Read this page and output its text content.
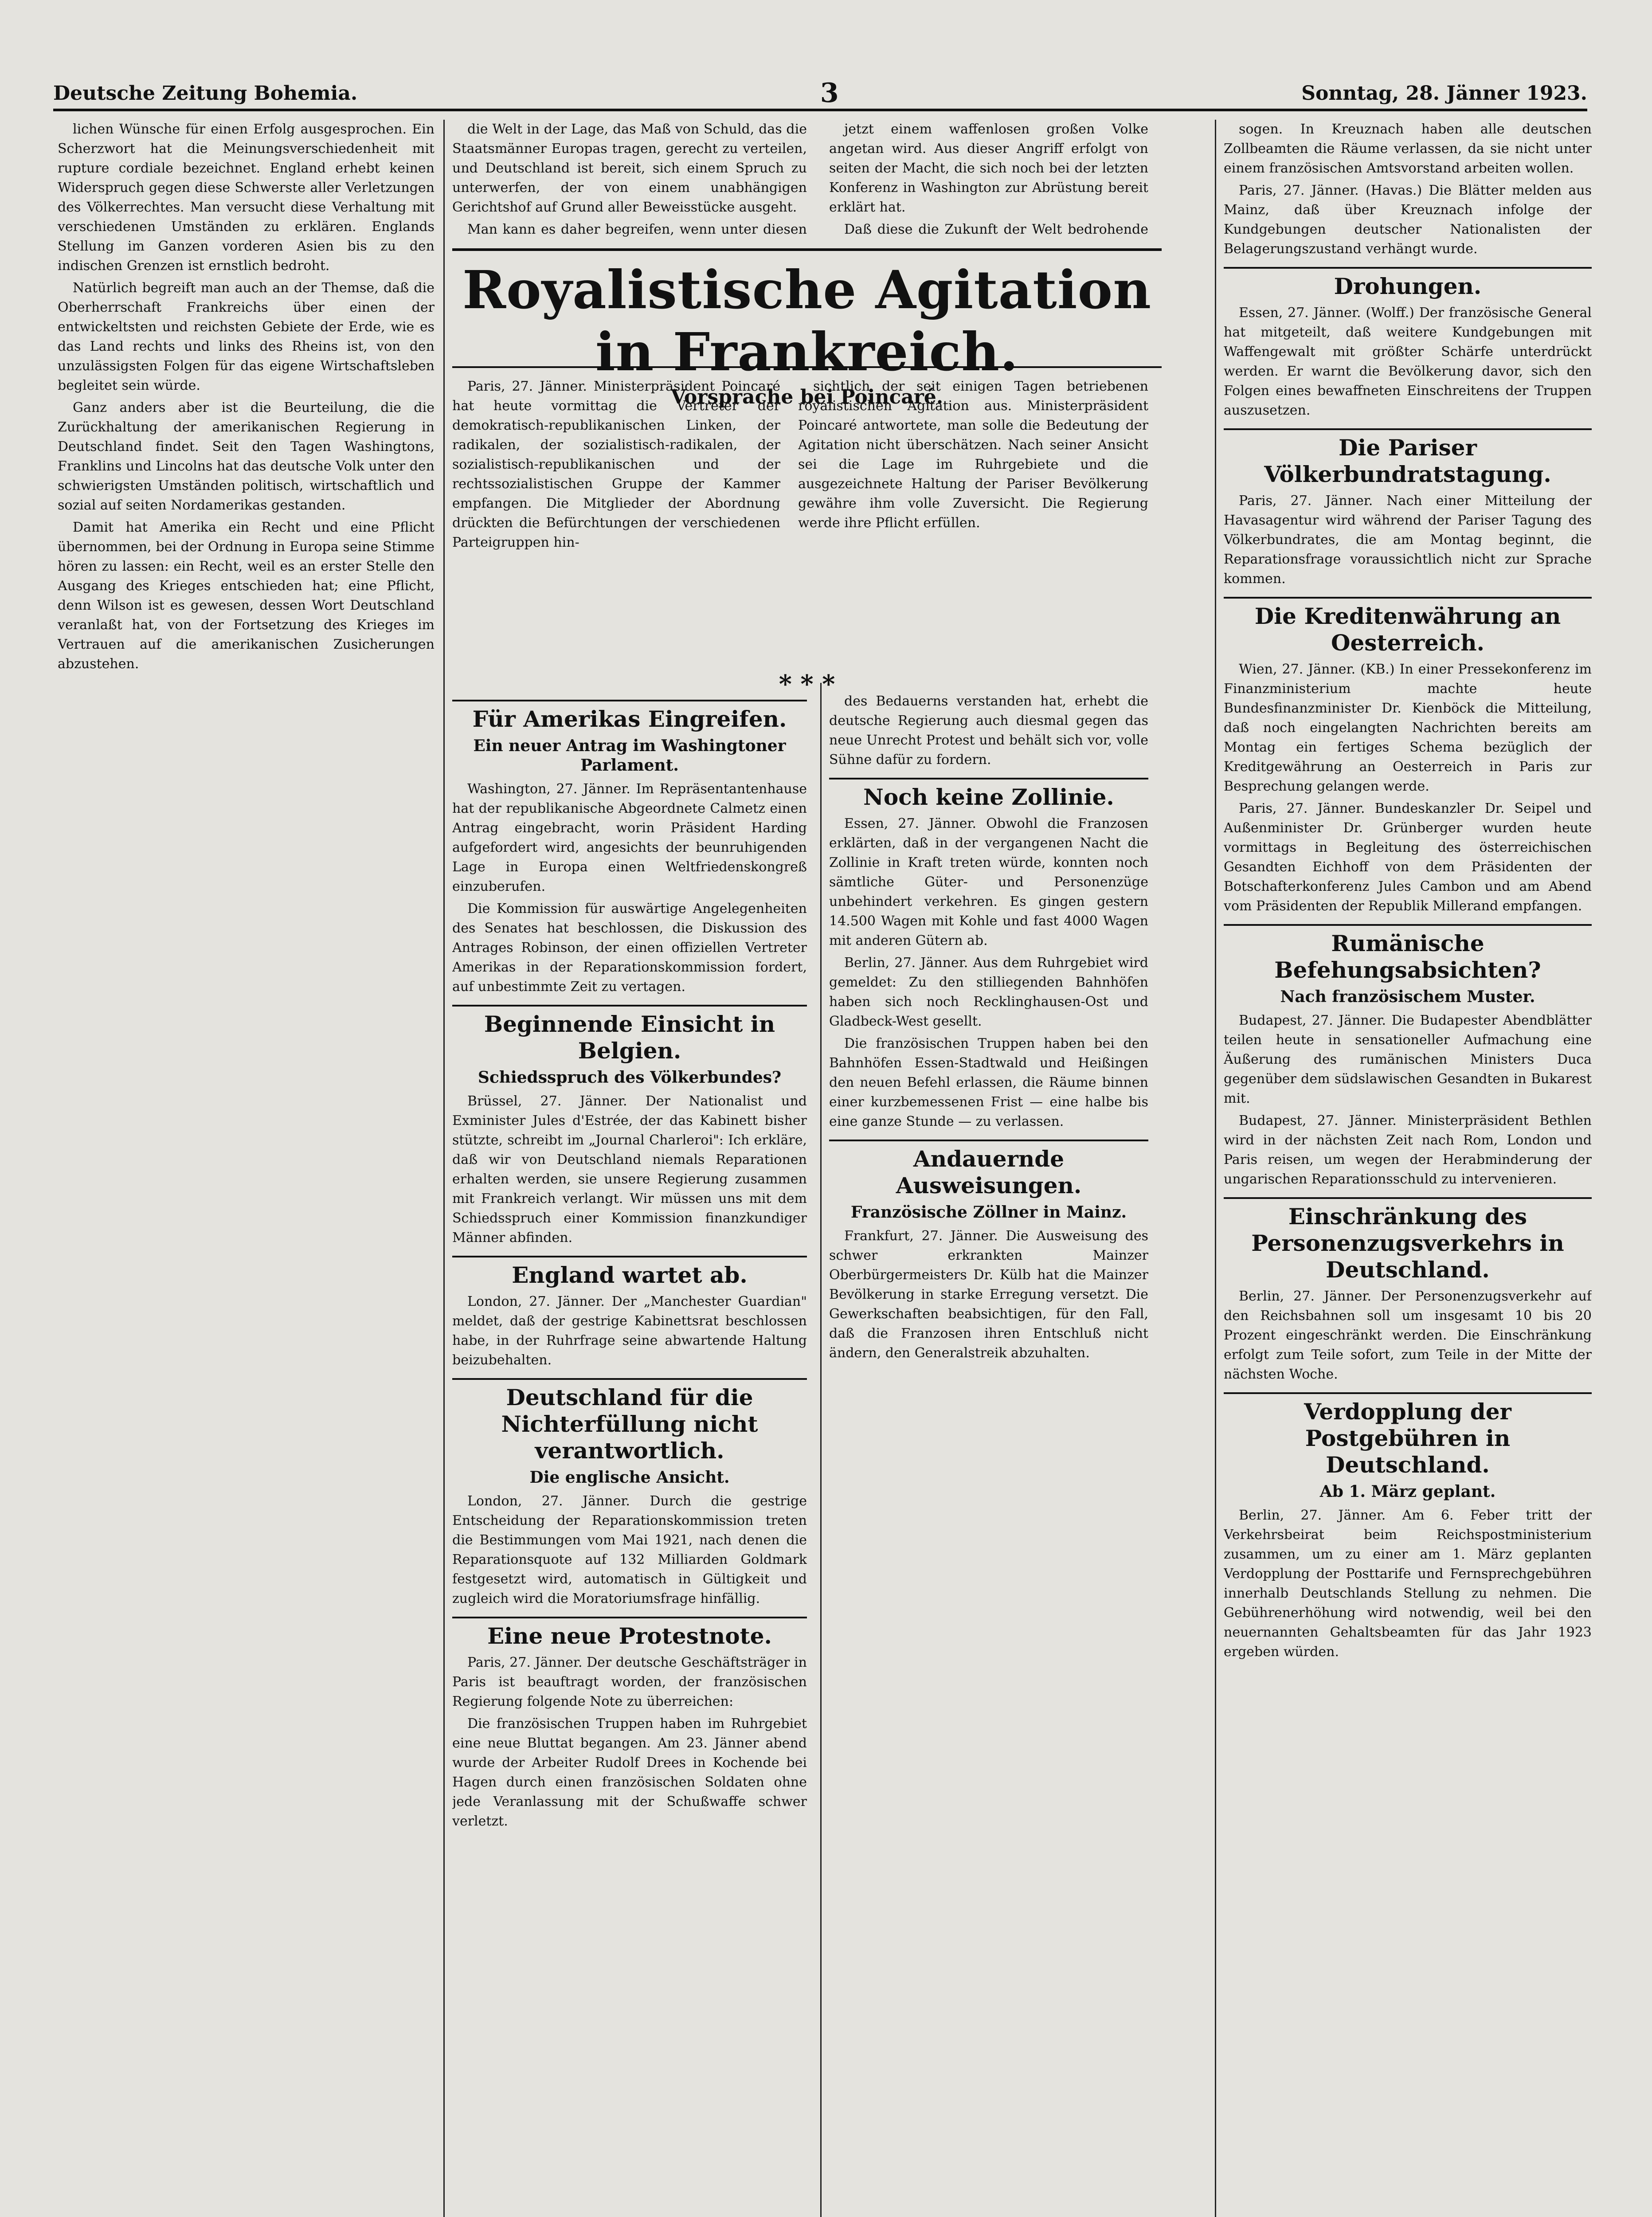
Deutsche Zeitung Bohemia.	3	Sonntag, 28. Jänner 1923.

lichen Wünsche für einen Erfolg ausgesprochen. Ein Scherzwort hat die Meinungsverschiedenheit mit rupture cordiale bezeichnet. England erhebt keinen Widerspruch gegen diese Schwerste aller Verletzungen des Völkerrechtes. Man versucht diese Verhaltung mit verschiedenen Umständen zu erklären. Englands Stellung im Ganzen vorderen Asien bis zu den indischen Grenzen ist ernstlich bedroht.

Natürlich begreift man auch an der Themse, daß die Oberherrschaft Frankreichs über einen der entwickeltsten und reichsten Gebiete der Erde, wie es das Land rechts und links des Rheins ist, von den unzulässigsten Folgen für das eigene Wirtschaftsleben begleitet sein würde.

Ganz anders aber ist die Beurteilung, die die Zurückhaltung der amerikanischen Regierung in Deutschland findet. Seit den Tagen Washingtons, Franklins und Lincolns hat das deutsche Volk unter den schwierigsten Umständen politisch, wirtschaftlich und sozial auf seiten Nordamerikas gestanden.

Damit hat Amerika ein Recht und eine Pflicht übernommen, bei der Ordnung in Europa seine Stimme hören zu lassen: ein Recht, weil es an erster Stelle den Ausgang des Krieges entschieden hat; eine Pflicht, denn Wilson ist es gewesen, dessen Wort Deutschland veranlaßt hat, von der Fortsetzung des Krieges im Vertrauen auf die amerikanischen Zusicherungen abzustehen.

die Welt in der Lage, das Maß von Schuld, das die Staatsmänner Europas tragen, gerecht zu verteilen, und Deutschland ist bereit, sich einem Spruch zu unterwerfen, der von einem unabhängigen Gerichtshof auf Grund aller Beweisstücke ausgeht.

Man kann es daher begreifen, wenn unter diesen

jetzt einem waffenlosen großen Volke angetan wird. Aus dieser Angriff erfolgt von seiten der Macht, die sich noch bei der letzten Konferenz in Washington zur Abrüstung bereit erklärt hat.

Daß diese die Zukunft der Welt bedrohende

Royalistische Agitation in Frankreich.
Vorsprache bei Poincaré.

Paris, 27. Jänner. Ministerpräsident Poincaré hat heute vormittag die Vertreter der demokratisch-republikanischen Linken, der radikalen, der sozialistisch-radikalen, der sozialistisch-republikanischen und der rechtssozialistischen Gruppe der Kammer empfangen. Die Mitglieder der Abordnung drückten die Befürchtungen der verschiedenen Parteigruppen hin-

sichtlich der seit einigen Tagen betriebenen royalistischen Agitation aus. Ministerpräsident Poincaré antwortete, man solle die Bedeutung der Agitation nicht überschätzen. Nach seiner Ansicht sei die Lage im Ruhrgebiete und die ausgezeichnete Haltung der Pariser Bevölkerung gewähre ihm volle Zuversicht. Die Regierung werde ihre Pflicht erfüllen.

* * *
Für Amerikas Eingreifen.
Ein neuer Antrag im Washingtoner Parlament.

Washington, 27. Jänner. Im Repräsentantenhause hat der republikanische Abgeordnete Calmetz einen Antrag eingebracht, worin Präsident Harding aufgefordert wird, angesichts der beunruhigenden Lage in Europa einen Weltfriedenskongreß einzuberufen.

Die Kommission für auswärtige Angelegenheiten des Senates hat beschlossen, die Diskussion des Antrages Robinson, der einen offiziellen Vertreter Amerikas in der Reparationskommission fordert, auf unbestimmte Zeit zu vertagen.

Beginnende Einsicht in Belgien.
Schiedsspruch des Völkerbundes?

Brüssel, 27. Jänner. Der Nationalist und Exminister Jules d'Estrée, der das Kabinett bisher stützte, schreibt im „Journal Charleroi": Ich erkläre, daß wir von Deutschland niemals Reparationen erhalten werden, sie unsere Regierung zusammen mit Frankreich verlangt. Wir müssen uns mit dem Schiedsspruch einer Kommission finanzkundiger Männer abfinden.

England wartet ab.

London, 27. Jänner. Der „Manchester Guardian" meldet, daß der gestrige Kabinettsrat beschlossen habe, in der Ruhrfrage seine abwartende Haltung beizubehalten.

Deutschland für die Nichterfüllung nicht verantwortlich.
Die englische Ansicht.

London, 27. Jänner. Durch die gestrige Entscheidung der Reparationskommission treten die Bestimmungen vom Mai 1921, nach denen die Reparationsquote auf 132 Milliarden Goldmark festgesetzt wird, automatisch in Gültigkeit und zugleich wird die Moratoriumsfrage hinfällig.

Eine neue Protestnote.

Paris, 27. Jänner. Der deutsche Geschäftsträger in Paris ist beauftragt worden, der französischen Regierung folgende Note zu überreichen:

Die französischen Truppen haben im Ruhrgebiet eine neue Bluttat begangen. Am 23. Jänner abend wurde der Arbeiter Rudolf Drees in Kochende bei Hagen durch einen französischen Soldaten ohne jede Veranlassung mit der Schußwaffe schwer verletzt.

des Bedauerns verstanden hat, erhebt die deutsche Regierung auch diesmal gegen das neue Unrecht Protest und behält sich vor, volle Sühne dafür zu fordern.

Noch keine Zollinie.

Essen, 27. Jänner. Obwohl die Franzosen erklärten, daß in der vergangenen Nacht die Zollinie in Kraft treten würde, konnten noch sämtliche Güter- und Personenzüge unbehindert verkehren. Es gingen gestern 14.500 Wagen mit Kohle und fast 4000 Wagen mit anderen Gütern ab.

Berlin, 27. Jänner. Aus dem Ruhrgebiet wird gemeldet: Zu den stilliegenden Bahnhöfen haben sich noch Recklinghausen-Ost und Gladbeck-West gesellt.

Die französischen Truppen haben bei den Bahnhöfen Essen-Stadtwald und Heißingen den neuen Befehl erlassen, die Räume binnen einer kurzbemessenen Frist — eine halbe bis eine ganze Stunde — zu verlassen.

Andauernde Ausweisungen.
Französische Zöllner in Mainz.

Frankfurt, 27. Jänner. Die Ausweisung des schwer erkrankten Mainzer Oberbürgermeisters Dr. Külb hat die Mainzer Bevölkerung in starke Erregung versetzt. Die Gewerkschaften beabsichtigen, für den Fall, daß die Franzosen ihren Entschluß nicht ändern, den Generalstreik abzuhalten.

sogen. In Kreuznach haben alle deutschen Zollbeamten die Räume verlassen, da sie nicht unter einem französischen Amtsvorstand arbeiten wollen.

Paris, 27. Jänner. (Havas.) Die Blätter melden aus Mainz, daß über Kreuznach infolge der Kundgebungen deutscher Nationalisten der Belagerungszustand verhängt wurde.

Drohungen.

Essen, 27. Jänner. (Wolff.) Der französische General hat mitgeteilt, daß weitere Kundgebungen mit Waffengewalt mit größter Schärfe unterdrückt werden. Er warnt die Bevölkerung davor, sich den Folgen eines bewaffneten Einschreitens der Truppen auszusetzen.

Die Pariser Völkerbundratstagung.

Paris, 27. Jänner. Nach einer Mitteilung der Havasagentur wird während der Pariser Tagung des Völkerbundrates, die am Montag beginnt, die Reparationsfrage voraussichtlich nicht zur Sprache kommen.

Die Kreditenwährung an Oesterreich.

Wien, 27. Jänner. (KB.) In einer Pressekonferenz im Finanzministerium machte heute Bundesfinanzminister Dr. Kienböck die Mitteilung, daß noch eingelangten Nachrichten bereits am Montag ein fertiges Schema bezüglich der Kreditgewährung an Oesterreich in Paris zur Besprechung gelangen werde.

Paris, 27. Jänner. Bundeskanzler Dr. Seipel und Außenminister Dr. Grünberger wurden heute vormittags in Begleitung des österreichischen Gesandten Eichhoff von dem Präsidenten der Botschafterkonferenz Jules Cambon und am Abend vom Präsidenten der Republik Millerand empfangen.

Rumänische Befehungsabsichten?
Nach französischem Muster.

Budapest, 27. Jänner. Die Budapester Abendblätter teilen heute in sensationeller Aufmachung eine Äußerung des rumänischen Ministers Duca gegenüber dem südslawischen Gesandten in Bukarest mit.

Budapest, 27. Jänner. Ministerpräsident Bethlen wird in der nächsten Zeit nach Rom, London und Paris reisen, um wegen der Herabminderung der ungarischen Reparationsschuld zu intervenieren.

Einschränkung des Personenzugsverkehrs in Deutschland.

Berlin, 27. Jänner. Der Personenzugsverkehr auf den Reichsbahnen soll um insgesamt 10 bis 20 Prozent eingeschränkt werden. Die Einschränkung erfolgt zum Teile sofort, zum Teile in der Mitte der nächsten Woche.

Verdopplung der Postgebühren in Deutschland.
Ab 1. März geplant.

Berlin, 27. Jänner. Am 6. Feber tritt der Verkehrsbeirat beim Reichspostministerium zusammen, um zu einer am 1. März geplanten Verdopplung der Posttarife und Fernsprechgebühren innerhalb Deutschlands Stellung zu nehmen. Die Gebührenerhöhung wird notwendig, weil bei den neuernannten Gehaltsbeamten für das Jahr 1923 ergeben würden.
